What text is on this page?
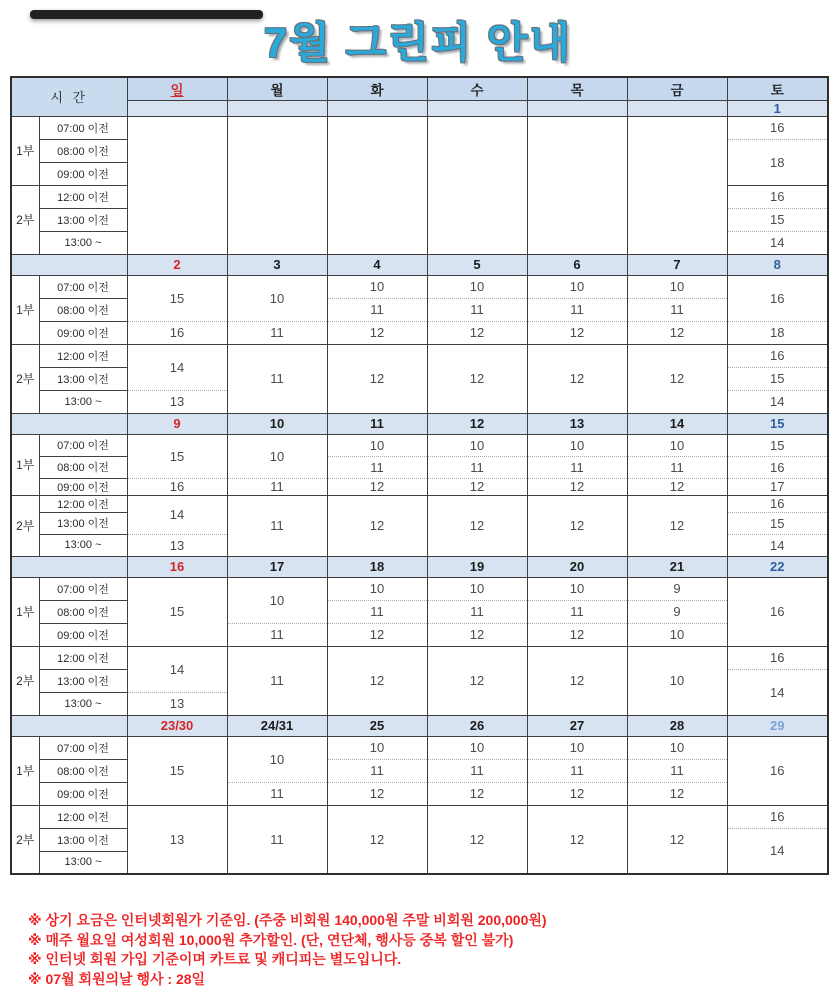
7월 그린피 안내
시 간		일	월	화	수	목	금	토
								1
1부	07:00 이전							16
	08:00 이전							18
	09:00 이전							
2부	12:00 이전							16
	13:00 이전							15
	13:00 ~							14
		2	3	4	5	6	7	8
1부	07:00 이전	15	10	10	10	10	10	16
	08:00 이전			11	11	11	11	
	09:00 이전	16	11	12	12	12	12	18
2부	12:00 이전	14	11	12	12	12	12	16
	13:00 이전							15
	13:00 ~	13						14
		9	10	11	12	13	14	15
1부	07:00 이전	15	10	10	10	10	10	15
	08:00 이전			11	11	11	11	16
	09:00 이전	16	11	12	12	12	12	17
2부	12:00 이전	14	11	12	12	12	12	16
	13:00 이전							15
	13:00 ~	13						14
		16	17	18	19	20	21	22
1부	07:00 이전	15	10	10	10	10	9	16
	08:00 이전			11	11	11	9	
	09:00 이전		11	12	12	12	10	
2부	12:00 이전	14	11	12	12	12	10	16
	13:00 이전							14
	13:00 ~	13						
		23/30	24/31	25	26	27	28	29
1부	07:00 이전	15	10	10	10	10	10	16
	08:00 이전			11	11	11	11	
	09:00 이전		11	12	12	12	12	
2부	12:00 이전	13	11	12	12	12	12	16
	13:00 이전							14
	13:00 ~							
※ 상기 요금은 인터넷회원가 기준임. (주중 비회원 140,000원 주말 비회원 200,000원)
※ 매주 월요일 여성회원 10,000원 추가할인. (단, 연단체, 행사등 중복 할인 불가)
※ 인터넷 회원 가입 기준이며 카트료 및 캐디피는 별도입니다.
※ 07월 회원의날 행사 : 28일
